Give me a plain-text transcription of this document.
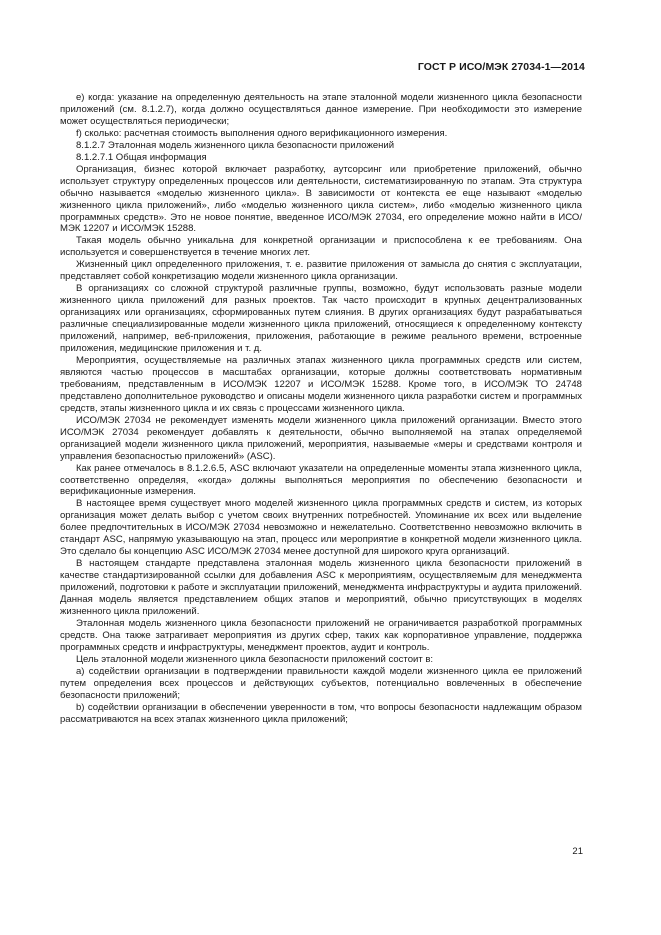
ГОСТ Р ИСО/МЭК 27034-1—2014

е) когда: указание на определенную деятельность на этапе эталонной модели жизненного цикла безопасности приложений (см. 8.1.2.7), когда должно осуществляться данное измерение. При необходимости это измерение может осуществляться периодически;

f) сколько: расчетная стоимость выполнения одного верификационного измерения.

8.1.2.7 Эталонная модель жизненного цикла безопасности приложений

8.1.2.7.1 Общая информация

Организация, бизнес которой включает разработку, аутсорсинг или приобретение приложений, обычно использует структуру определенных процессов или деятельности, систематизированную по этапам. Эта структура обычно называется «моделью жизненного цикла». В зависимости от контекста ее еще называют «моделью жизненного цикла приложений», либо «моделью жизненного цикла систем», либо «моделью жизненного цикла программных средств». Это не новое понятие, введенное ИСО/МЭК 27034, его определение можно найти в ИСО/МЭК 12207 и ИСО/МЭК 15288.

Такая модель обычно уникальна для конкретной организации и приспособлена к ее требованиям. Она используется и совершенствуется в течение многих лет.

Жизненный цикл определенного приложения, т. е. развитие приложения от замысла до снятия с эксплуатации, представляет собой конкретизацию модели жизненного цикла организации.

В организациях со сложной структурой различные группы, возможно, будут использовать разные модели жизненного цикла приложений для разных проектов. Так часто происходит в крупных децентрализованных организациях или организациях, сформированных путем слияния. В других организациях будут разрабатываться различные специализированные модели жизненного цикла приложений, относящиеся к определенному контексту приложений, например, веб-приложения, приложения, работающие в режиме реального времени, встроенные приложения, медицинские приложения и т. д.

Мероприятия, осуществляемые на различных этапах жизненного цикла программных средств или систем, являются частью процессов в масштабах организации, которые должны соответствовать нормативным требованиям, представленным в ИСО/МЭК 12207 и ИСО/МЭК 15288. Кроме того, в ИСО/МЭК ТО 24748 представлено дополнительное руководство и описаны модели жизненного цикла разработки систем и программных средств, этапы жизненного цикла и их связь с процессами жизненного цикла.

ИСО/МЭК 27034 не рекомендует изменять модели жизненного цикла приложений организации. Вместо этого ИСО/МЭК 27034 рекомендует добавлять к деятельности, обычно выполняемой на этапах определяемой организацией модели жизненного цикла приложений, мероприятия, называемые «меры и средствами контроля и управления безопасностью приложений» (ASC).

Как ранее отмечалось в 8.1.2.6.5, ASC включают указатели на определенные моменты этапа жизненного цикла, соответственно определяя, «когда» должны выполняться мероприятия по обеспечению безопасности и верификационные измерения.

В настоящее время существует много моделей жизненного цикла программных средств и систем, из которых организация может делать выбор с учетом своих внутренних потребностей. Упоминание их всех или выделение более предпочтительных в ИСО/МЭК 27034 невозможно и нежелательно. Соответственно невозможно включить в стандарт ASC, напрямую указывающую на этап, процесс или мероприятие в конкретной модели жизненного цикла. Это сделало бы концепцию ASC ИСО/МЭК 27034 менее доступной для широкого круга организаций.

В настоящем стандарте представлена эталонная модель жизненного цикла безопасности приложений в качестве стандартизированной ссылки для добавления ASC к мероприятиям, осуществляемым для менеджмента приложений, подготовки к работе и эксплуатации приложений, менеджмента инфраструктуры и аудита приложений. Данная модель является представлением общих этапов и мероприятий, обычно присутствующих в моделях жизненного цикла приложений.

Эталонная модель жизненного цикла безопасности приложений не ограничивается разработкой программных средств. Она также затрагивает мероприятия из других сфер, таких как корпоративное управление, поддержка программных средств и инфраструктуры, менеджмент проектов, аудит и контроль.

Цель эталонной модели жизненного цикла безопасности приложений состоит в:

а) содействии организации в подтверждении правильности каждой модели жизненного цикла ее приложений путем определения всех процессов и действующих субъектов, потенциально вовлеченных в обеспечение безопасности приложений;

b) содействии организации в обеспечении уверенности в том, что вопросы безопасности надлежащим образом рассматриваются на всех этапах жизненного цикла приложений;

21
